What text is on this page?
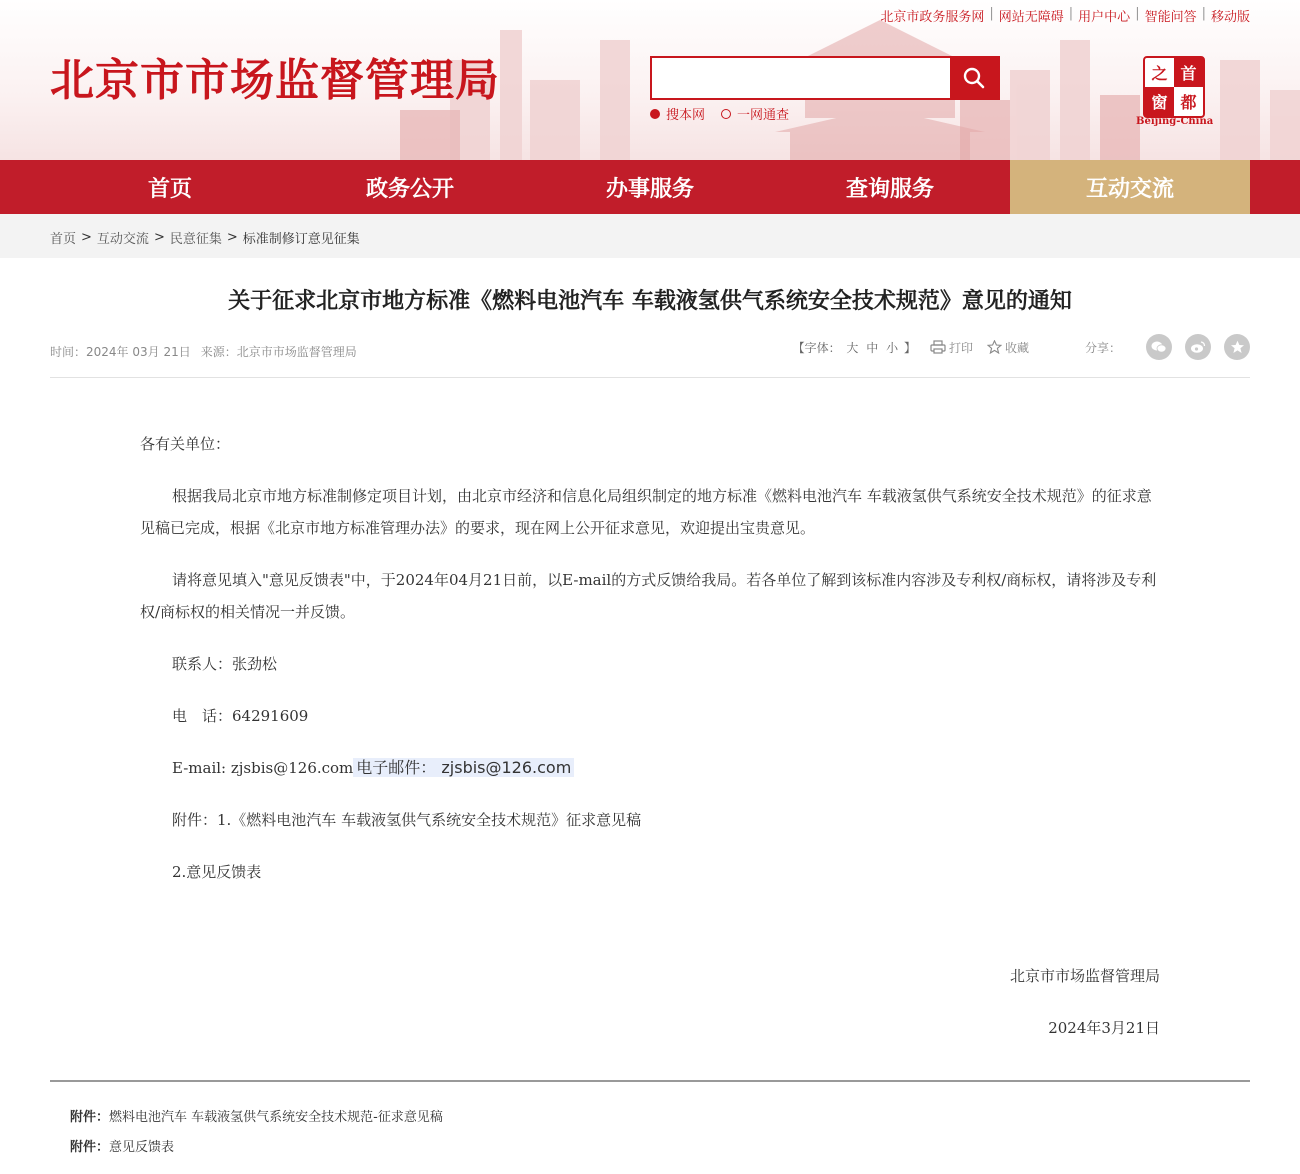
北京市市场监督管理局
北京市政务服务网 | 网站无障碍 | 用户中心 | 智能问答 | 移动版
搜本网 一网通查
之 首
窗 都
Beijing-China
首页	政务公开	办事服务	查询服务	互动交流
首页 > 互动交流 > 民意征集 > 标准制修订意见征集
关于征求北京市地方标准《燃料电池汽车 车载液氢供气系统安全技术规范》意见的通知
时间：2024年 03月 21日 来源：北京市市场监督管理局	【字体： 大 中 小 】	打印	收藏	分享：
各有关单位：
根据我局北京市地方标准制修定项目计划，由北京市经济和信息化局组织制定的地方标准《燃料电池汽车 车载液氢供气系统安全技术规范》的征求意见稿已完成，根据《北京市地方标准管理办法》的要求，现在网上公开征求意见，欢迎提出宝贵意见。
请将意见填入"意见反馈表"中，于2024年04月21日前，以E-mail的方式反馈给我局。若各单位了解到该标准内容涉及专利权/商标权，请将涉及专利权/商标权的相关情况一并反馈。
联系人：张劲松
电　话：64291609
E-mail: zjsbis@126.com 电子邮件： zjsbis@126.com
附件：1.《燃料电池汽车 车载液氢供气系统安全技术规范》征求意见稿
2.意见反馈表
北京市市场监督管理局
2024年3月21日
附件：燃料电池汽车 车载液氢供气系统安全技术规范-征求意见稿
附件：意见反馈表
